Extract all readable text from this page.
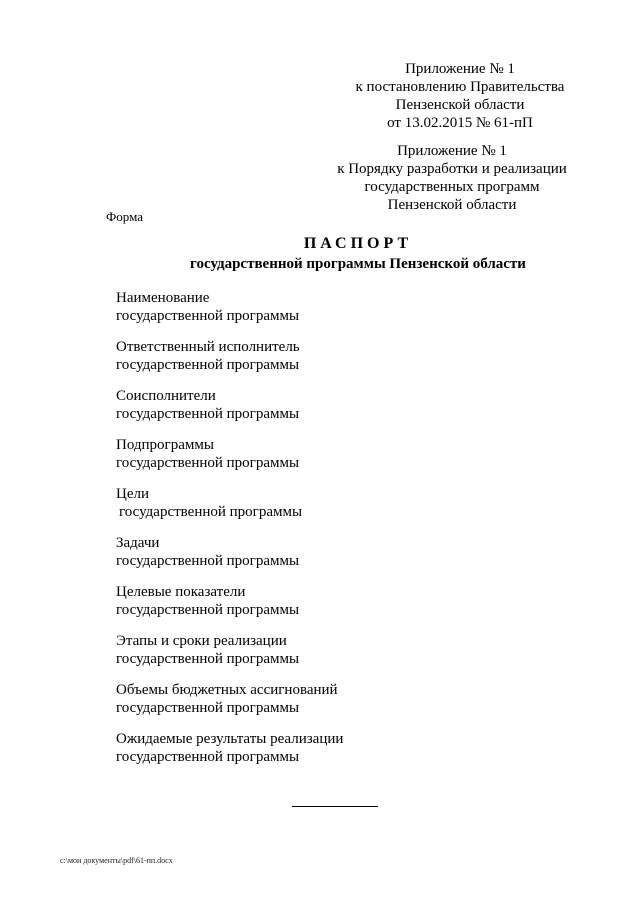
Приложение № 1
к постановлению Правительства
Пензенской области
от 13.02.2015 № 61-пП
Приложение № 1
к Порядку разработки и реализации
государственных программ
Пензенской области
Форма
ПАСПОРТ
государственной программы Пензенской области
Наименование
государственной программы
Ответственный исполнитель
государственной программы
Соисполнители
государственной программы
Подпрограммы
государственной программы
Цели
государственной программы
Задачи
государственной программы
Целевые показатели
государственной программы
Этапы и сроки реализации
государственной программы
Объемы бюджетных ассигнований
государственной программы
Ожидаемые результаты реализации
государственной программы
c:\мои документы\pdf\61-пп.docx
